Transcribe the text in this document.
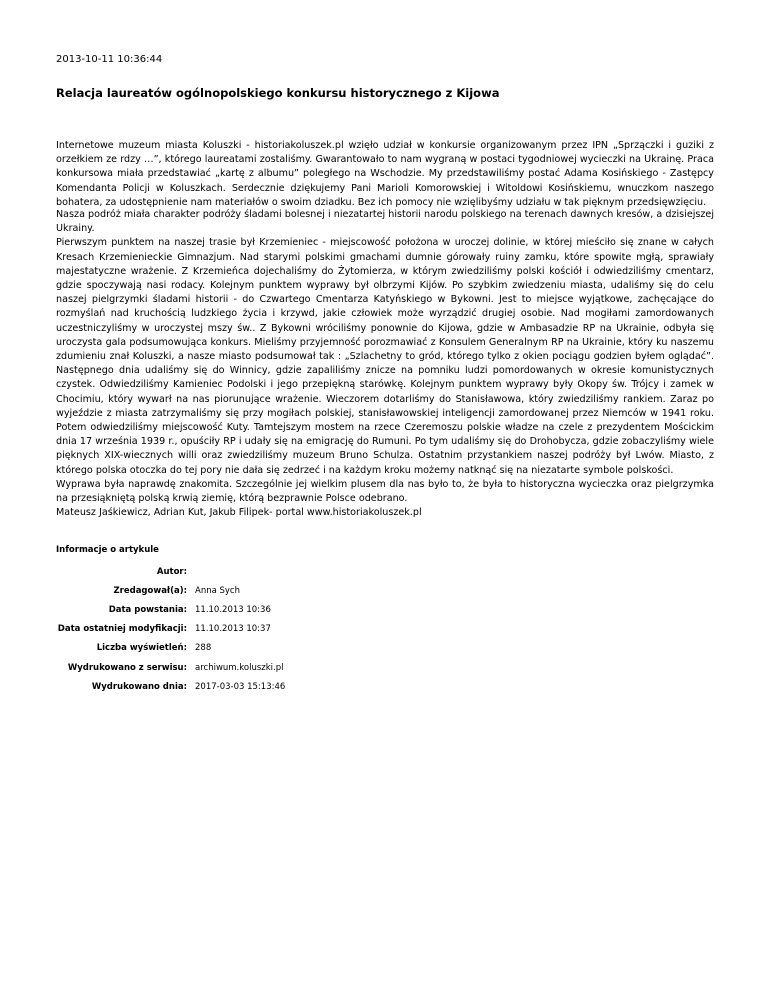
2013-10-11 10:36:44
Relacja laureatów ogólnopolskiego konkursu historycznego z Kijowa

Internetowe muzeum miasta Koluszki - historiakoluszek.pl wzięło udział w konkursie organizowanym przez IPN „Sprzączki i guziki z orzełkiem ze rdzy …”, którego laureatami zostaliśmy. Gwarantowało to nam wygraną w postaci tygodniowej wycieczki na Ukrainę. Praca konkursowa miała przedstawiać „kartę z albumu” poległego na Wschodzie. My przedstawiliśmy postać Adama Kosińskiego - Zastępcy Komendanta Policji w Koluszkach. Serdecznie dziękujemy Pani Marioli Komorowskiej i Witoldowi Kosińskiemu, wnuczkom naszego bohatera, za udostępnienie nam materiałów o swoim dziadku. Bez ich pomocy nie wzięlibyśmy udziału w tak pięknym przedsięwzięciu.

Nasza podróż miała charakter podróży śladami bolesnej i niezatartej historii narodu polskiego na terenach dawnych kresów, a dzisiejszej Ukrainy.

Pierwszym punktem na naszej trasie był Krzemieniec - miejscowość położona w uroczej dolinie, w której mieściło się znane w całych Kresach Krzemienieckie Gimnazjum. Nad starymi polskimi gmachami dumnie górowały ruiny zamku, które spowite mgłą, sprawiały majestatyczne wrażenie. Z Krzemieńca dojechaliśmy do Żytomierza, w którym zwiedziliśmy polski kościół i odwiedziliśmy cmentarz, gdzie spoczywają nasi rodacy. Kolejnym punktem wyprawy był olbrzymi Kijów. Po szybkim zwiedzeniu miasta, udaliśmy się do celu naszej pielgrzymki śladami historii - do Czwartego Cmentarza Katyńskiego w Bykowni. Jest to miejsce wyjątkowe, zachęcające do rozmyślań nad kruchością ludzkiego życia i krzywd, jakie człowiek może wyrządzić drugiej osobie. Nad mogiłami zamordowanych uczestniczyliśmy w uroczystej mszy św.. Z Bykowni wróciliśmy ponownie do Kijowa, gdzie w Ambasadzie RP na Ukrainie, odbyła się uroczysta gala podsumowująca konkurs. Mieliśmy przyjemność porozmawiać z Konsulem Generalnym RP na Ukrainie, który ku naszemu zdumieniu znał Koluszki, a nasze miasto podsumował tak : „Szlachetny to gród, którego tylko z okien pociągu godzien byłem oglądać”. Następnego dnia udaliśmy się do Winnicy, gdzie zapaliliśmy znicze na pomniku ludzi pomordowanych w okresie komunistycznych czystek. Odwiedziliśmy Kamieniec Podolski i jego przepiękną starówkę. Kolejnym punktem wyprawy były Okopy św. Trójcy i zamek w Chocimiu, który wywarł na nas piorunujące wrażenie. Wieczorem dotarliśmy do Stanisławowa, który zwiedziliśmy rankiem. Zaraz po wyjeździe z miasta zatrzymaliśmy się przy mogiłach polskiej, stanisławowskiej inteligencji zamordowanej przez Niemców w 1941 roku. Potem odwiedziliśmy miejscowość Kuty. Tamtejszym mostem na rzece Czeremoszu polskie władze na czele z prezydentem Mościckim dnia 17 września 1939 r., opuściły RP i udały się na emigrację do Rumuni. Po tym udaliśmy się do Drohobycza, gdzie zobaczyliśmy wiele pięknych XIX-wiecznych willi oraz zwiedziliśmy muzeum Bruno Schulza. Ostatnim przystankiem naszej podróży był Lwów. Miasto, z którego polska otoczka do tej pory nie dała się zedrzeć i na każdym kroku możemy natknąć się na niezatarte symbole polskości.

Wyprawa była naprawdę znakomita. Szczególnie jej wielkim plusem dla nas było to, że była to historyczna wycieczka oraz pielgrzymka na przesiąkniętą polską krwią ziemię, którą bezprawnie Polsce odebrano.

Mateusz Jaśkiewicz, Adrian Kut, Jakub Filipek- portal www.historiakoluszek.pl

Informacje o artykule
Autor:	
Zredagował(a):	Anna Sych
Data powstania:	11.10.2013 10:36
Data ostatniej modyfikacji:	11.10.2013 10:37
Liczba wyświetleń:	288
Wydrukowano z serwisu:	archiwum.koluszki.pl
Wydrukowano dnia:	2017-03-03 15:13:46
